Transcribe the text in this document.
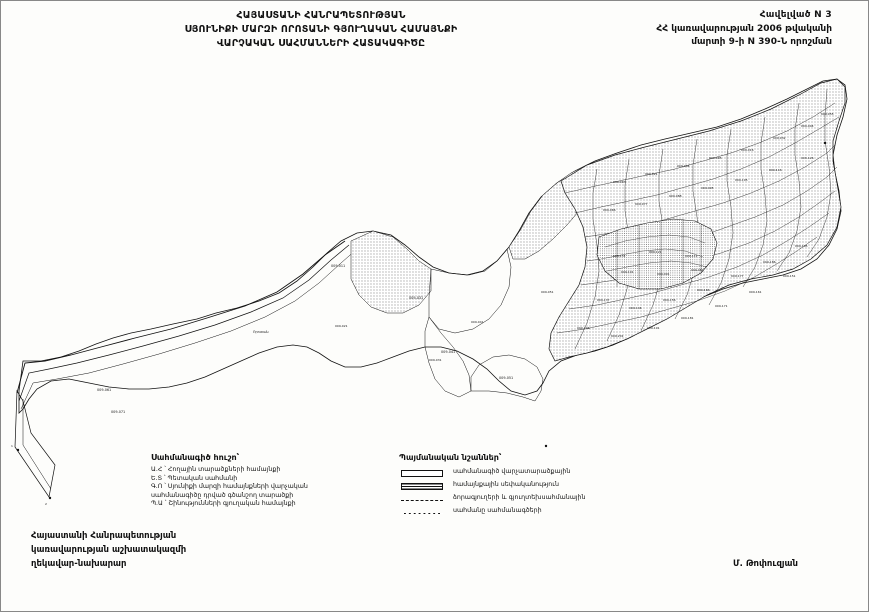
ՀԱՅԱՍՏԱՆԻ ՀԱՆՐԱՊԵՏՈՒԹՅԱՆ
ՍՅՈՒՆԻՔԻ ՄԱՐԶԻ ՈՐՈՏԱՆԻ ԳՅՈՒՂԱԿԱՆ ՀԱՄԱՅՆՔԻ
ՎԱՐՉԱԿԱՆ ՍԱՀՄԱՆՆԵՐԻ ՀԱՏԱԿԱԳԻԾԸ
Հավելված N 3
ՀՀ կառավարության 2006 թվականի
մարտի 9-ի N 390-Ն որոշման
1
2
009-011
009-031
009-041
009-051
009-061
009-071
Որոտան
009-003
009-021
009-004
009-005
009-016
009-032
009-044
009-055
009-066
009-077
009-088
009-095
009-105
009-116
009-126
009-137
009-146
009-156
009-166
009-177
009-186
009-195
009-206
009-201
009-191
009-181
009-171
009-161
009-151
009-131
009-121
009-111
009-101	009-091
009-081
009-051
009-041
009-031
009-021
Սահմանագիծ հուշո՝
Ա.Հ ՝ Հողային տարածքների համայնքի
Ե.Տ ՝ Պետական սահմանի
Գ.Ո ՝ Սյունիքի մարզի համայնքների վարչական
սահմանագիծը դրված գծանշող տարածքի
Պ.Ա ՝ Շինությունների գյուղական համայնքի
Պայմանական նշաններ՝
սահմանագիծ վարչատարածքային
համայնքային սեփականություն
ձորագյուղերի և գյուղտեխսահմանային
սահմանը սահմանագծերի
Հայաստանի Հանրապետության
կառավարության աշխատակազմի
ղեկավար-նախարար	Մ. Թոփուզյան
